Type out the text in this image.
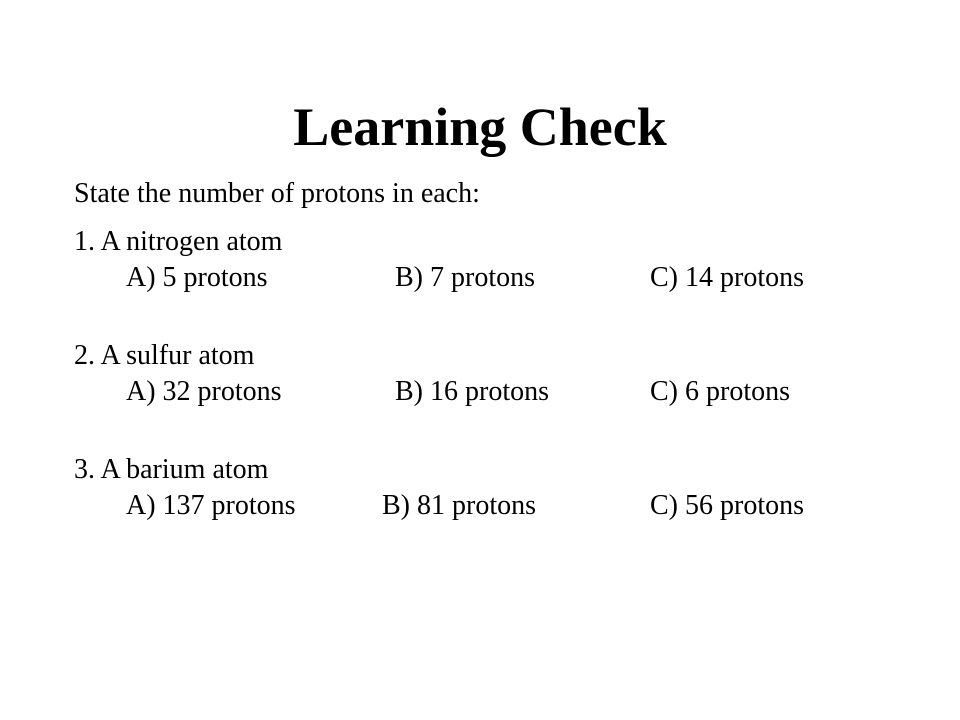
Learning Check
State the number of protons in each:
1. A nitrogen atom
A) 5 protons	B) 7 protons	C) 14 protons
2. A sulfur atom
A) 32 protons	B) 16 protons	C) 6 protons
3. A barium atom
A) 137 protons	B) 81 protons	C) 56 protons
